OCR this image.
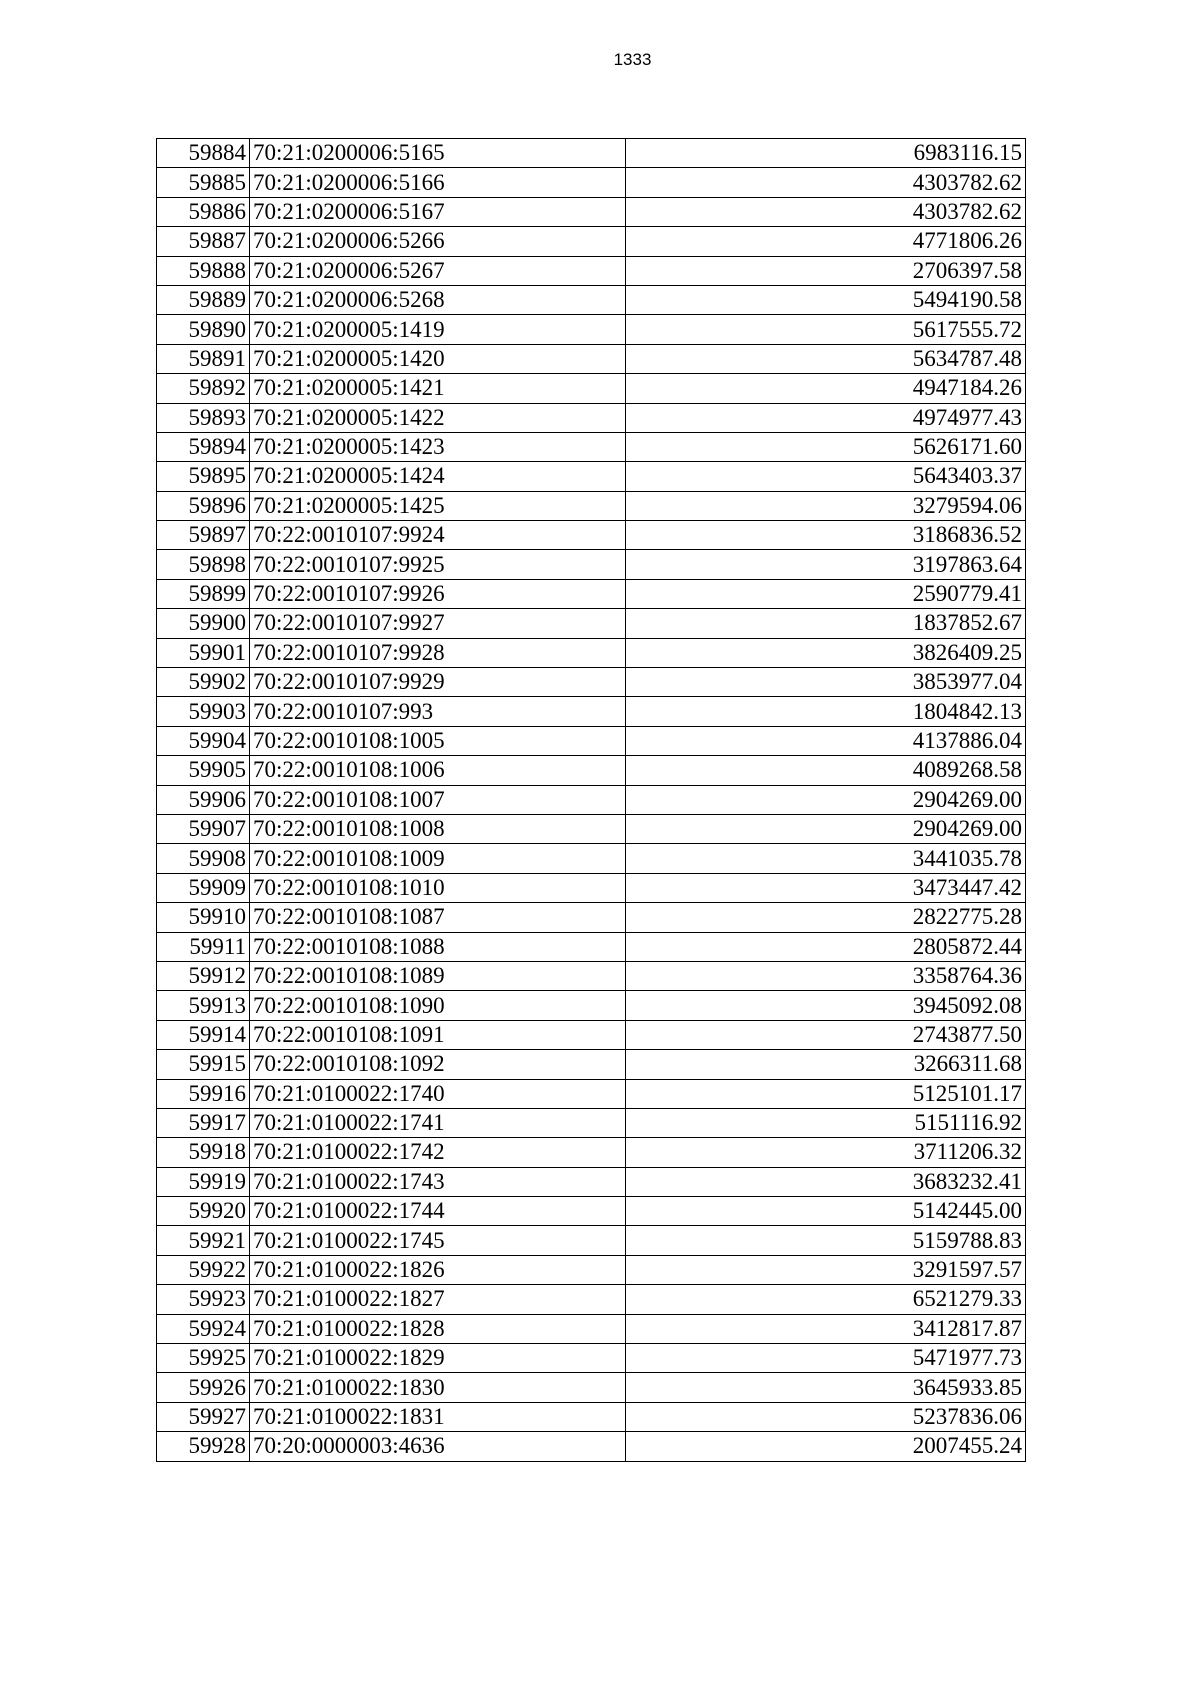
1333
59884	70:21:0200006:5165	6983116.15
59885	70:21:0200006:5166	4303782.62
59886	70:21:0200006:5167	4303782.62
59887	70:21:0200006:5266	4771806.26
59888	70:21:0200006:5267	2706397.58
59889	70:21:0200006:5268	5494190.58
59890	70:21:0200005:1419	5617555.72
59891	70:21:0200005:1420	5634787.48
59892	70:21:0200005:1421	4947184.26
59893	70:21:0200005:1422	4974977.43
59894	70:21:0200005:1423	5626171.60
59895	70:21:0200005:1424	5643403.37
59896	70:21:0200005:1425	3279594.06
59897	70:22:0010107:9924	3186836.52
59898	70:22:0010107:9925	3197863.64
59899	70:22:0010107:9926	2590779.41
59900	70:22:0010107:9927	1837852.67
59901	70:22:0010107:9928	3826409.25
59902	70:22:0010107:9929	3853977.04
59903	70:22:0010107:993	1804842.13
59904	70:22:0010108:1005	4137886.04
59905	70:22:0010108:1006	4089268.58
59906	70:22:0010108:1007	2904269.00
59907	70:22:0010108:1008	2904269.00
59908	70:22:0010108:1009	3441035.78
59909	70:22:0010108:1010	3473447.42
59910	70:22:0010108:1087	2822775.28
59911	70:22:0010108:1088	2805872.44
59912	70:22:0010108:1089	3358764.36
59913	70:22:0010108:1090	3945092.08
59914	70:22:0010108:1091	2743877.50
59915	70:22:0010108:1092	3266311.68
59916	70:21:0100022:1740	5125101.17
59917	70:21:0100022:1741	5151116.92
59918	70:21:0100022:1742	3711206.32
59919	70:21:0100022:1743	3683232.41
59920	70:21:0100022:1744	5142445.00
59921	70:21:0100022:1745	5159788.83
59922	70:21:0100022:1826	3291597.57
59923	70:21:0100022:1827	6521279.33
59924	70:21:0100022:1828	3412817.87
59925	70:21:0100022:1829	5471977.73
59926	70:21:0100022:1830	3645933.85
59927	70:21:0100022:1831	5237836.06
59928	70:20:0000003:4636	2007455.24
